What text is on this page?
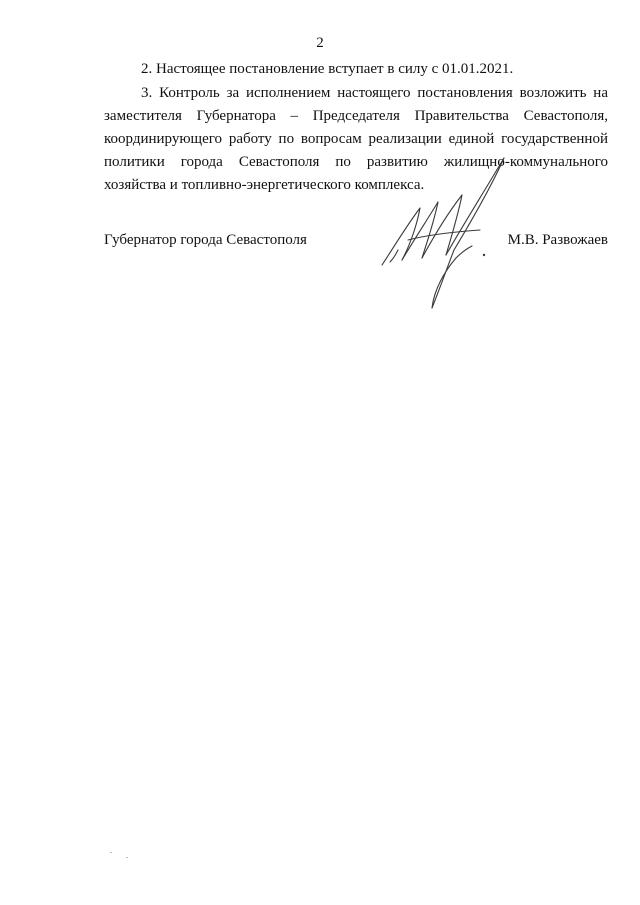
2

2. Настоящее постановление вступает в силу с 01.01.2021.

3. Контроль за исполнением настоящего постановления возложить на заместителя Губернатора – Председателя Правительства Севастополя, координирующего работу по вопросам реализации единой государственной политики города Севастополя по развитию жилищно-коммунального хозяйства и топливно-энергетического комплекса.

Губернатор города Севастополя	М.В. Развожаев
